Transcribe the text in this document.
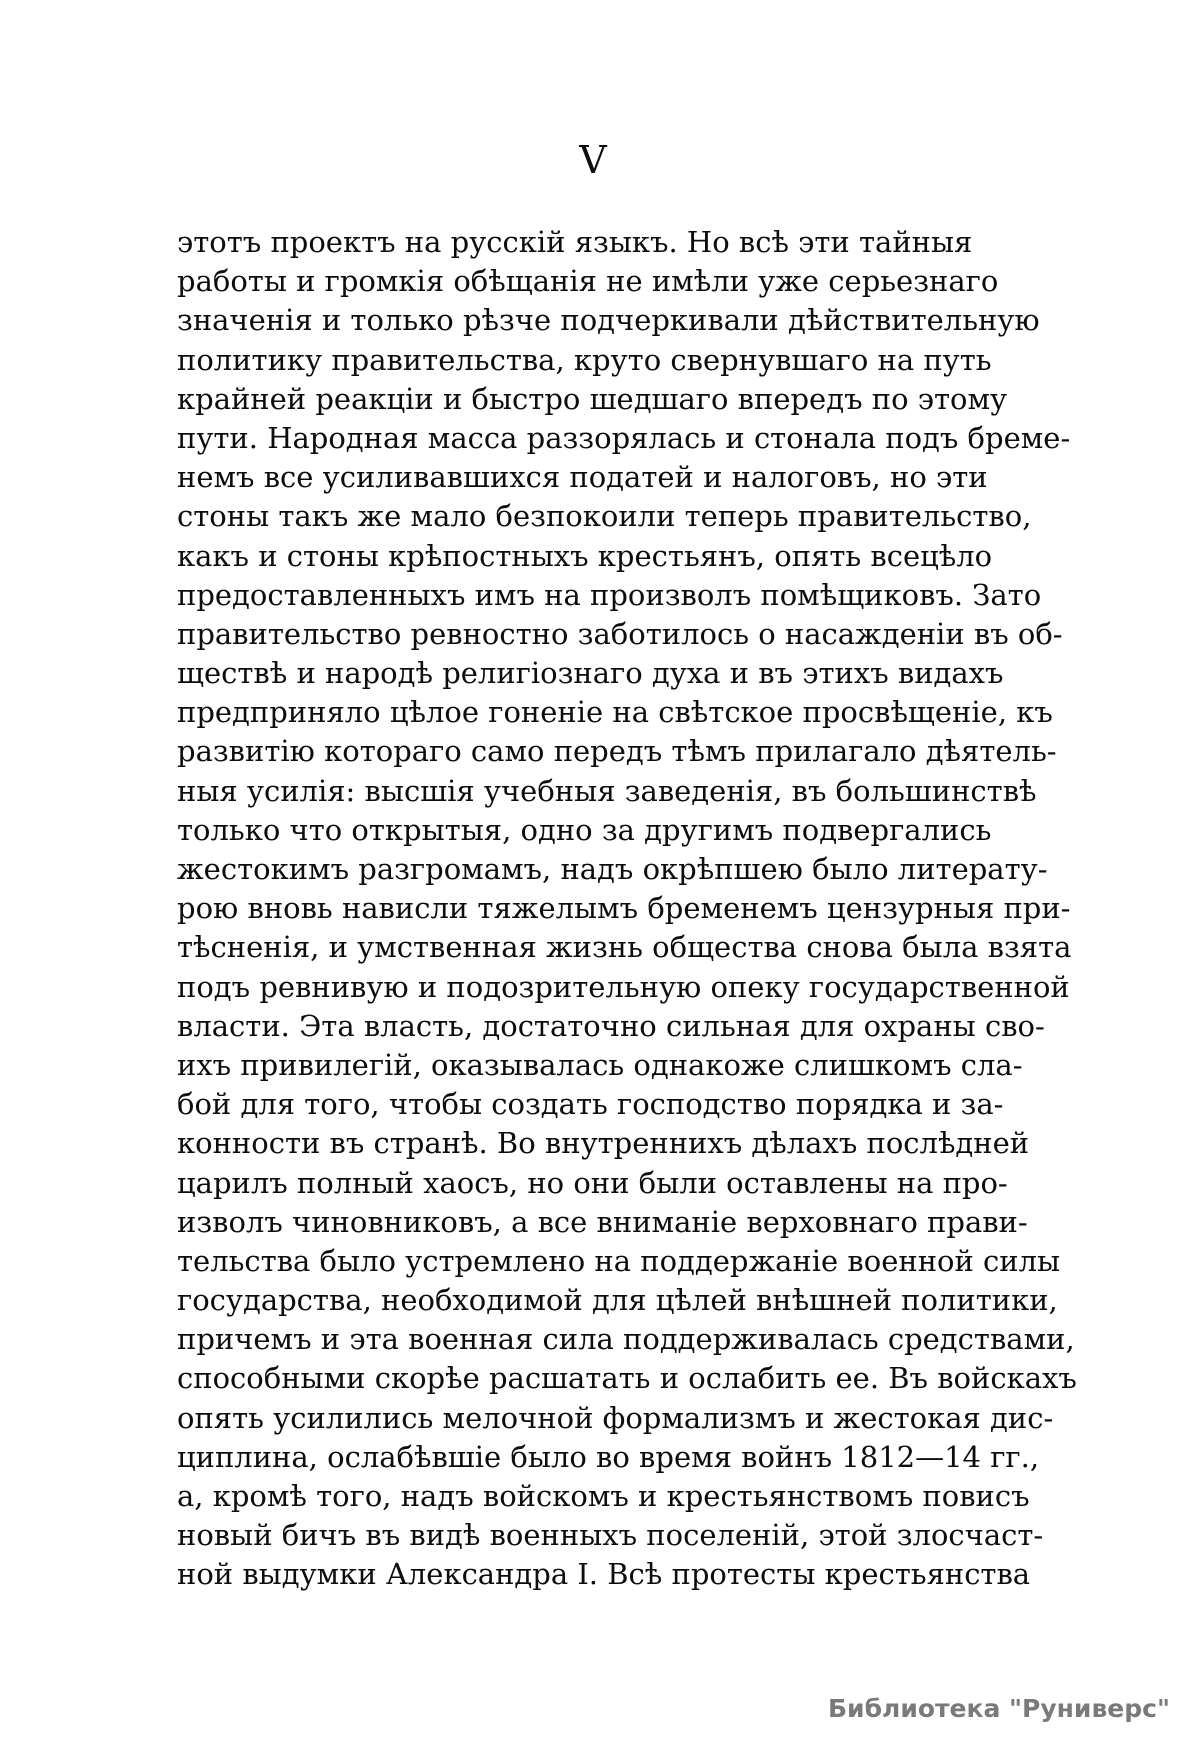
V
этотъ проектъ на русскій языкъ. Но всѣ эти тайныя
работы и громкія обѣщанія не имѣли уже серьезнаго
значенія и только рѣзче подчеркивали дѣйствительную
политику правительства, круто свернувшаго на путь
крайней реакціи и быстро шедшаго впередъ по этому
пути. Народная масса раззорялась и стонала подъ бреме-
немъ все усиливавшихся податей и налоговъ, но эти
стоны такъ же мало безпокоили теперь правительство,
какъ и стоны крѣпостныхъ крестьянъ, опять всецѣло
предоставленныхъ имъ на произволъ помѣщиковъ. Зато
правительство ревностно заботилось о насажденіи въ об-
ществѣ и народѣ религіознаго духа и въ этихъ видахъ
предприняло цѣлое гоненіе на свѣтское просвѣщеніе, къ
развитію котораго само передъ тѣмъ прилагало дѣятель-
ныя усилія: высшія учебныя заведенія, въ большинствѣ
только что открытыя, одно за другимъ подвергались
жестокимъ разгромамъ, надъ окрѣпшею было литерату-
рою вновь нависли тяжелымъ бременемъ цензурныя при-
тѣсненія, и умственная жизнь общества снова была взята
подъ ревнивую и подозрительную опеку государственной
власти. Эта власть, достаточно сильная для охраны сво-
ихъ привилегій, оказывалась однакоже слишкомъ сла-
бой для того, чтобы создать господство порядка и за-
конности въ странѣ. Во внутреннихъ дѣлахъ послѣдней
царилъ полный хаосъ, но они были оставлены на про-
изволъ чиновниковъ, а все вниманіе верховнаго прави-
тельства было устремлено на поддержаніе военной силы
государства, необходимой для цѣлей внѣшней политики,
причемъ и эта военная сила поддерживалась средствами,
способными скорѣе расшатать и ослабить ее. Въ войскахъ
опять усилились мелочной формализмъ и жестокая дис-
циплина, ослабѣвшіе было во время войнъ 1812—14 гг.,
а, кромѣ того, надъ войскомъ и крестьянствомъ повисъ
новый бичъ въ видѣ военныхъ поселеній, этой злосчаст-
ной выдумки Александра I. Всѣ протесты крестьянства
Библиотека "Руниверс"
